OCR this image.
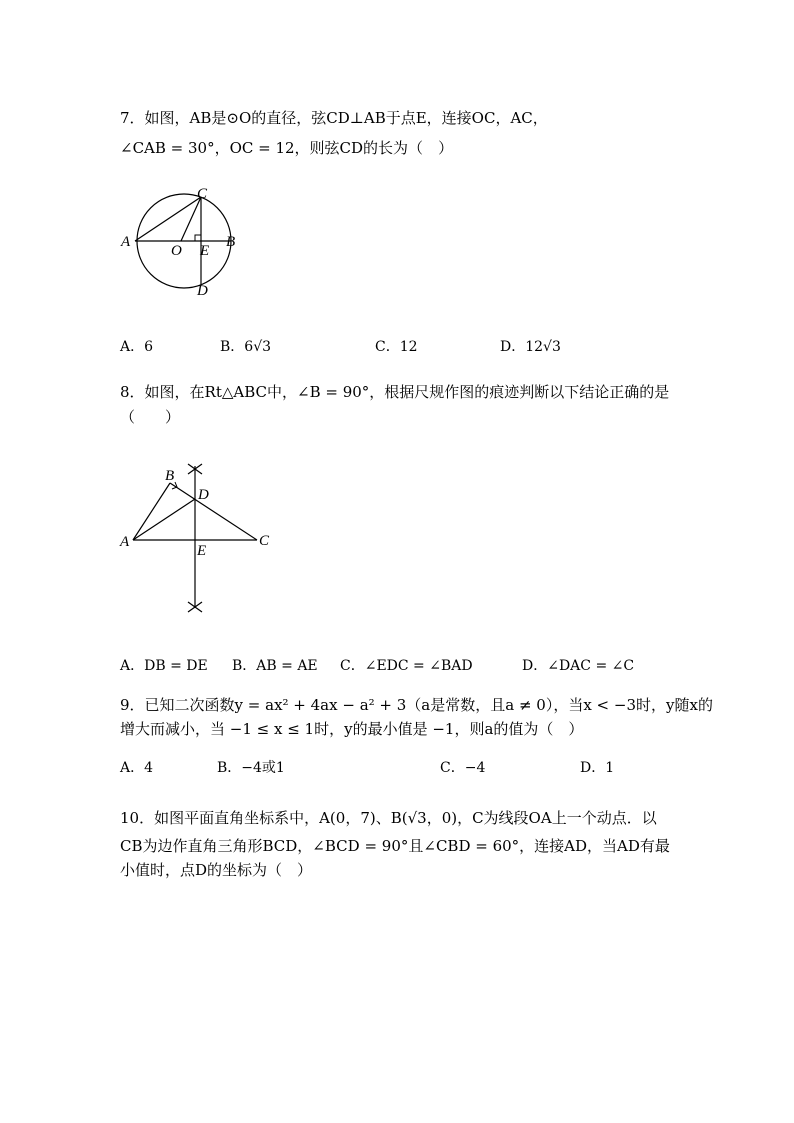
7．如图，AB是⊙O的直径，弦CD⊥AB于点E，连接OC，AC，
∠CAB = 30°，OC = 12，则弦CD的长为（　）
A	B
C
D
O E
A．6	B．6√3	C．12	D．12√3
8．如图，在Rt△ABC中，∠B = 90°，根据尺规作图的痕迹判断以下结论正确的是
（　　）
B
D
A	C
E
A．DB = DE B．AB = AE C．∠EDC = ∠BAD	D．∠DAC = ∠C
9．已知二次函数y = ax² + 4ax − a² + 3（a是常数，且a ≠ 0），当x < −3时，y随x的
增大而减小，当 −1 ≤ x ≤ 1时，y的最小值是 −1，则a的值为（　）
A．4	B．−4或1	C．−4	D．1
10．如图平面直角坐标系中，A(0，7)、B(√3，0)，C为线段OA上一个动点．以
CB为边作直角三角形BCD，∠BCD = 90°且∠CBD = 60°，连接AD，当AD有最
小值时，点D的坐标为（　）
